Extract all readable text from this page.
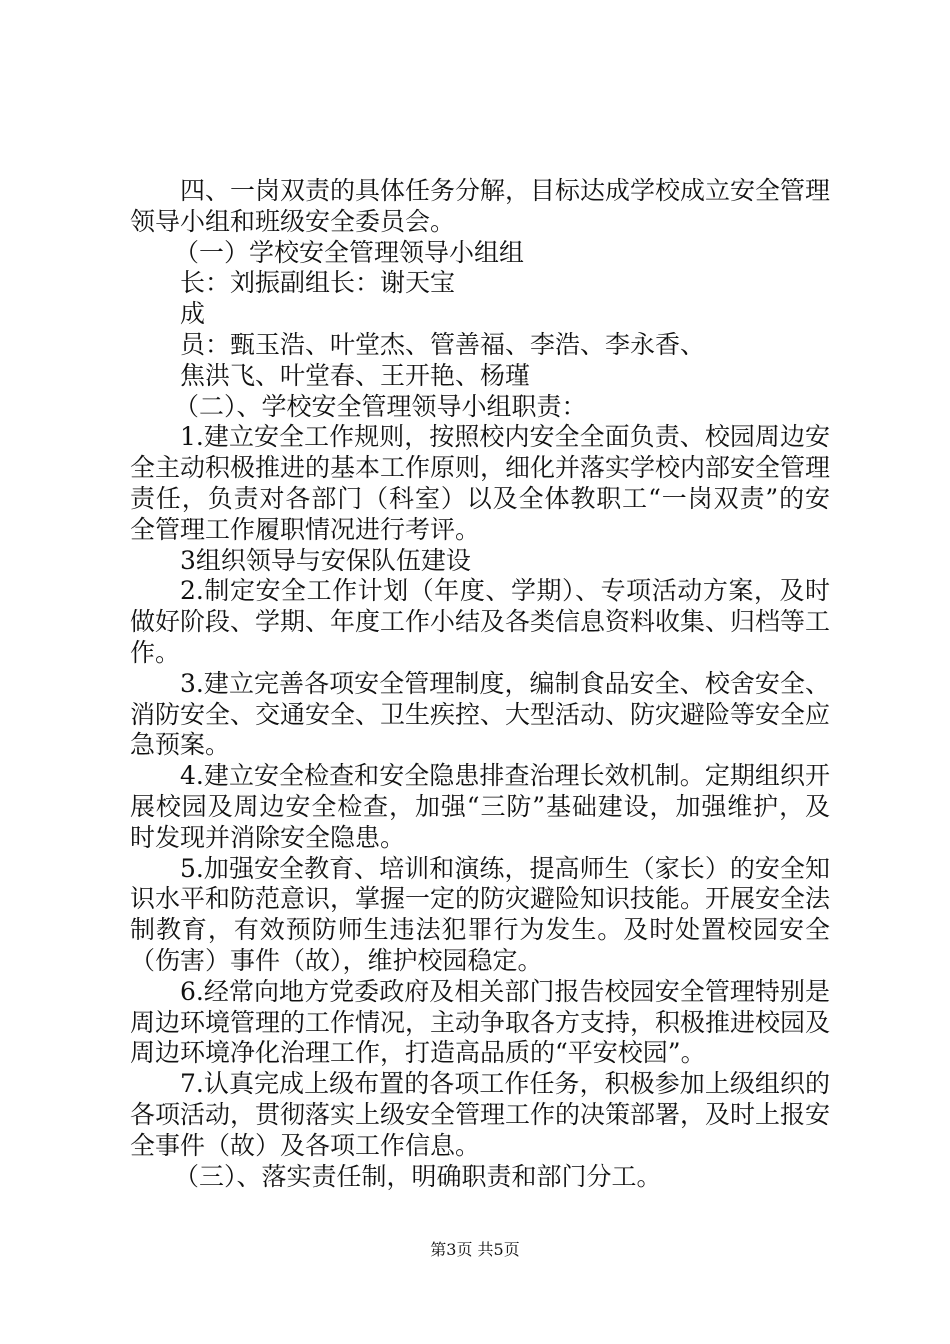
四、一岗双责的具体任务分解，目标达成学校成立安全管理领导小组和班级安全委员会。

（一）学校安全管理领导小组组

长：刘振副组长：谢天宝

成

员：甄玉浩、叶堂杰、管善福、李浩、李永香、

焦洪飞、叶堂春、王开艳、杨瑾

（二）、学校安全管理领导小组职责：

1.建立安全工作规则，按照校内安全全面负责、校园周边安全主动积极推进的基本工作原则，细化并落实学校内部安全管理责任，负责对各部门（科室）以及全体教职工“一岗双责”的安全管理工作履职情况进行考评。

3组织领导与安保队伍建设

2.制定安全工作计划（年度、学期）、专项活动方案，及时做好阶段、学期、年度工作小结及各类信息资料收集、归档等工作。

3.建立完善各项安全管理制度，编制食品安全、校舍安全、消防安全、交通安全、卫生疾控、大型活动、防灾避险等安全应急预案。

4.建立安全检查和安全隐患排查治理长效机制。定期组织开展校园及周边安全检查，加强“三防”基础建设，加强维护，及时发现并消除安全隐患。

5.加强安全教育、培训和演练，提高师生（家长）的安全知识水平和防范意识，掌握一定的防灾避险知识技能。开展安全法制教育，有效预防师生违法犯罪行为发生。及时处置校园安全（伤害）事件（故），维护校园稳定。

6.经常向地方党委政府及相关部门报告校园安全管理特别是周边环境管理的工作情况，主动争取各方支持，积极推进校园及周边环境净化治理工作，打造高品质的“平安校园”。

7.认真完成上级布置的各项工作任务，积极参加上级组织的各项活动，贯彻落实上级安全管理工作的决策部署，及时上报安全事件（故）及各项工作信息。

（三）、落实责任制，明确职责和部门分工。

第3页 共5页
